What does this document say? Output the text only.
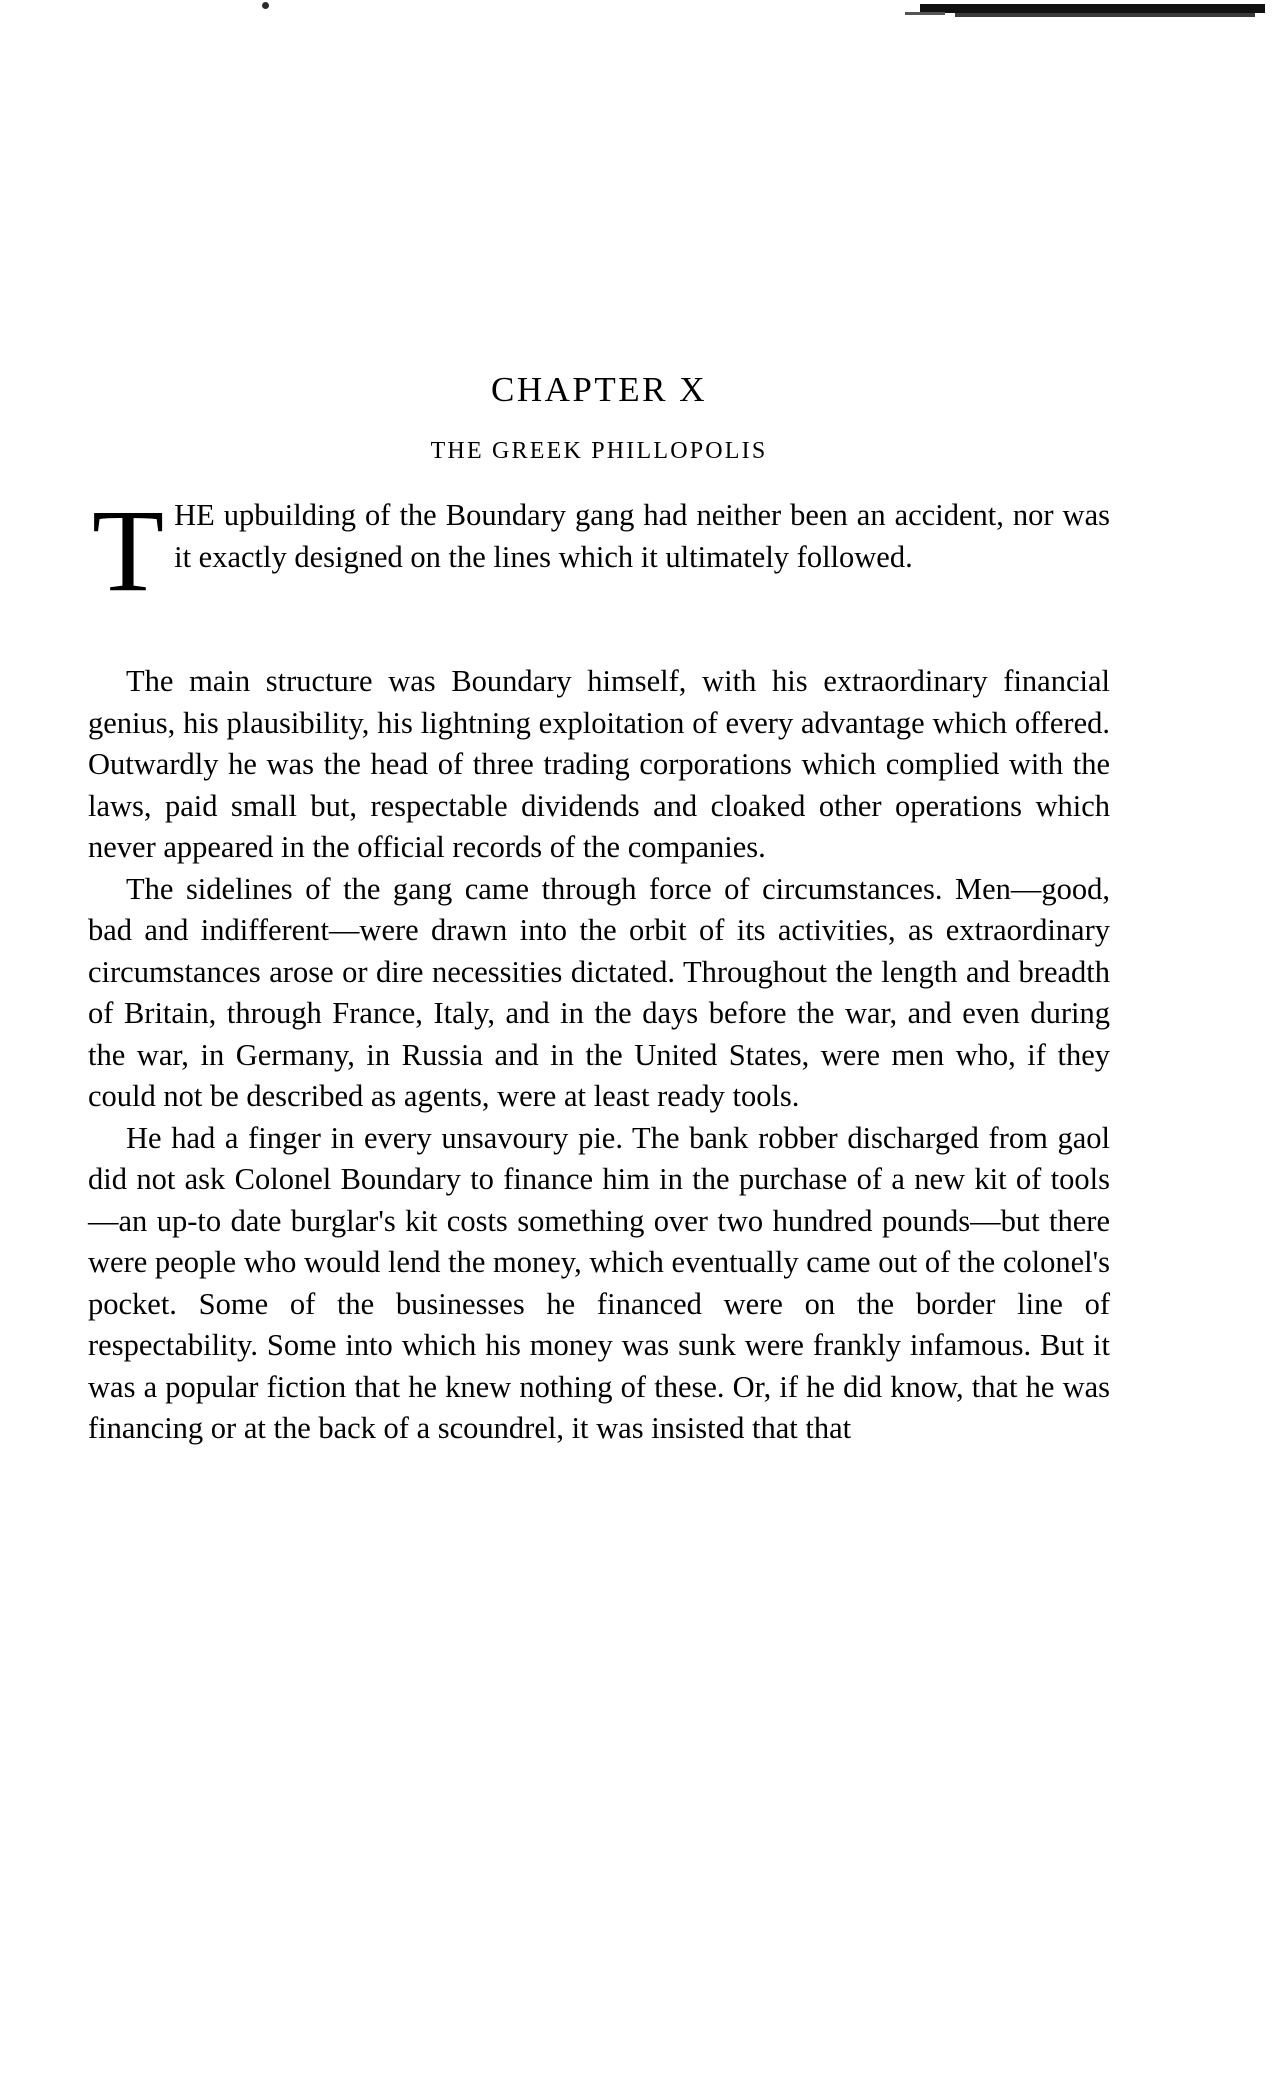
CHAPTER X
THE GREEK PHILLOPOLIS

T HE upbuilding of the Boundary gang had neither been an accident, nor was it exactly designed on the lines which it ultimately followed.

The main structure was Boundary himself, with his extraordinary financial genius, his plausibility, his lightning exploitation of every advantage which offered. Outwardly he was the head of three trading corporations which complied with the laws, paid small but, respectable dividends and cloaked other operations which never appeared in the official records of the companies.

The sidelines of the gang came through force of circumstances. Men—good, bad and indifferent—were drawn into the orbit of its activities, as extraordinary circumstances arose or dire necessities dictated. Throughout the length and breadth of Britain, through France, Italy, and in the days before the war, and even during the war, in Germany, in Russia and in the United States, were men who, if they could not be described as agents, were at least ready tools.

He had a finger in every unsavoury pie. The bank robber discharged from gaol did not ask Colonel Boundary to finance him in the purchase of a new kit of tools —an up-to date burglar's kit costs something over two hundred pounds—but there were people who would lend the money, which eventually came out of the colonel's pocket. Some of the businesses he financed were on the border line of respectability. Some into which his money was sunk were frankly infamous. But it was a popular fiction that he knew nothing of these. Or, if he did know, that he was financing or at the back of a scoundrel, it was insisted that that
